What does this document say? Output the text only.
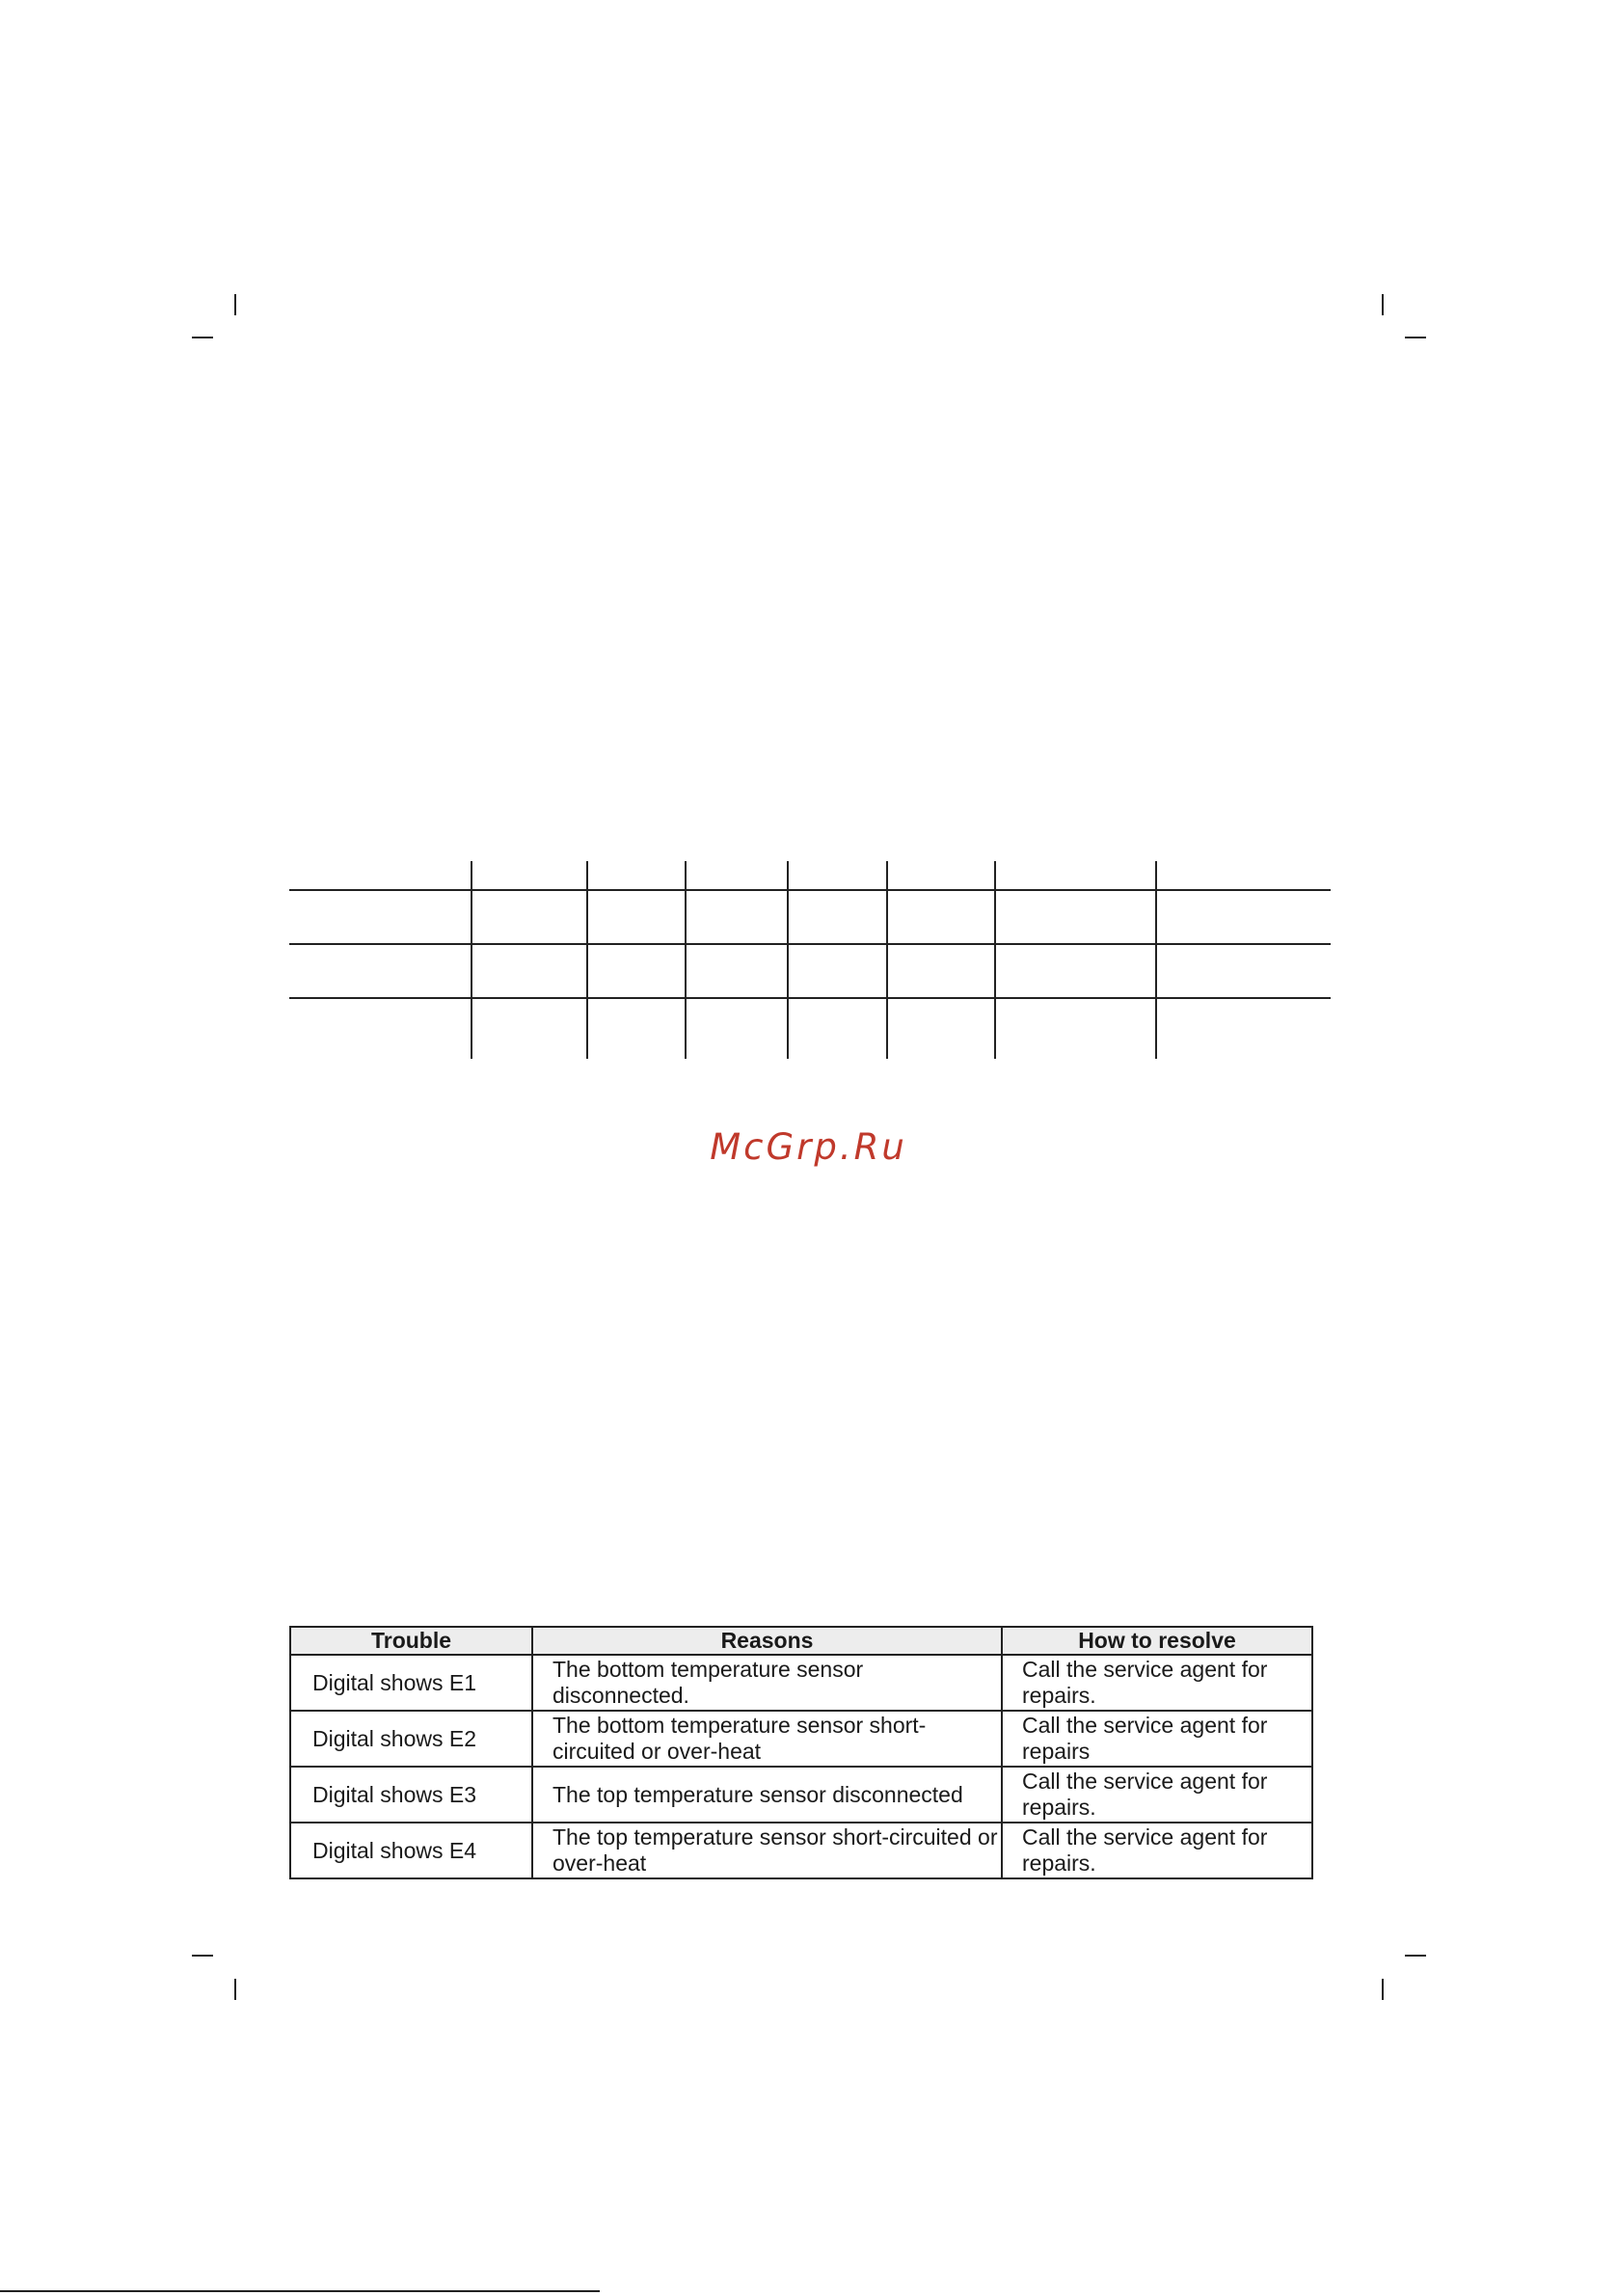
McGrp.Ru
Trouble	Reasons	How to resolve
Digital shows E1	The bottom temperature sensor disconnected.	Call the service agent for repairs.
Digital shows E2	The bottom temperature sensor short-circuited or over-heat	Call the service agent for repairs
Digital shows E3	The top temperature sensor disconnected	Call the service agent for repairs.
Digital shows E4	The top temperature sensor short-circuited or over-heat	Call the service agent for repairs.
